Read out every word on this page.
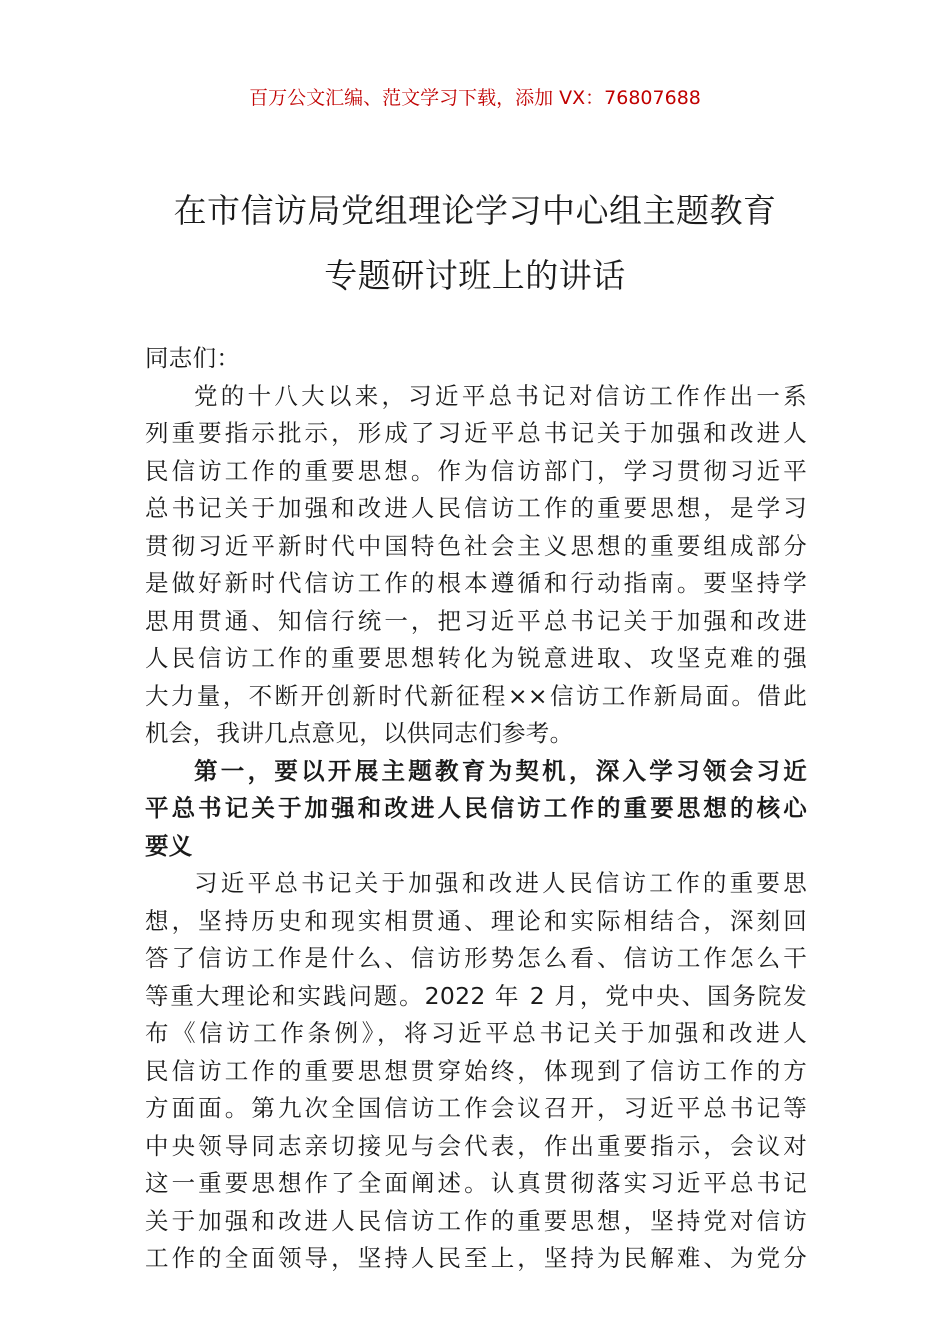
百万公文汇编、范文学习下载，添加 VX：76807688
在市信访局党组理论学习中心组主题教育
专题研讨班上的讲话
同志们：
党的十八大以来，习近平总书记对信访工作作出一系
列重要指示批示，形成了习近平总书记关于加强和改进人
民信访工作的重要思想。作为信访部门，学习贯彻习近平
总书记关于加强和改进人民信访工作的重要思想，是学习
贯彻习近平新时代中国特色社会主义思想的重要组成部分
是做好新时代信访工作的根本遵循和行动指南。要坚持学
思用贯通、知信行统一，把习近平总书记关于加强和改进
人民信访工作的重要思想转化为锐意进取、攻坚克难的强
大力量，不断开创新时代新征程××信访工作新局面。借此
机会，我讲几点意见，以供同志们参考。
第一，要以开展主题教育为契机，深入学习领会习近
平总书记关于加强和改进人民信访工作的重要思想的核心
要义
习近平总书记关于加强和改进人民信访工作的重要思
想，坚持历史和现实相贯通、理论和实际相结合，深刻回
答了信访工作是什么、信访形势怎么看、信访工作怎么干
等重大理论和实践问题。2022 年 2 月，党中央、国务院发
布《信访工作条例》，将习近平总书记关于加强和改进人
民信访工作的重要思想贯穿始终，体现到了信访工作的方
方面面。第九次全国信访工作会议召开，习近平总书记等
中央领导同志亲切接见与会代表，作出重要指示，会议对
这一重要思想作了全面阐述。认真贯彻落实习近平总书记
关于加强和改进人民信访工作的重要思想，坚持党对信访
工作的全面领导，坚持人民至上，坚持为民解难、为党分
